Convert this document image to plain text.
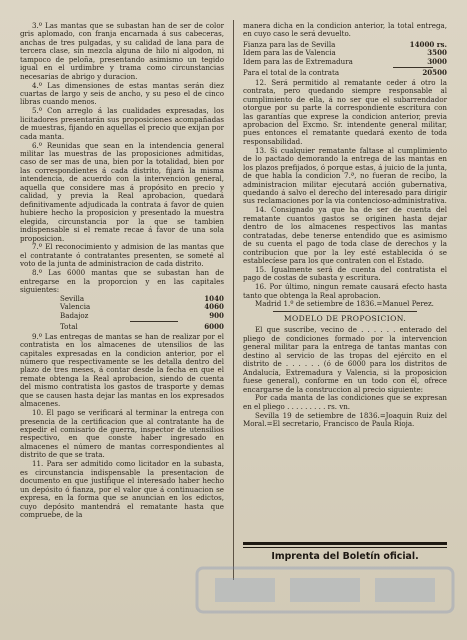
3.º Las mantas que se subastan han de ser de color gris aplomado, con franja encarnada á sus cabeceras, anchas de tres pulgadas, y su calidad de lana para de tercera clase, sin mezcla alguna de hilo ni algodon, ni tampoco de peloña, presentando asimismo un tegido igual en el urdimbre y trama como circunstancias necesarias de abrigo y duracion.

4.º Las dimensiones de estas mantas serán diez cuartas de largo y seis de ancho, y su peso el de cinco libras cuando menos.

5.º Con arreglo á las cualidades expresadas, los licitadores presentarán sus proposiciones acompañadas de muestras, fijando en aquellas el precio que exijan por cada manta.

6.º Reunidas que sean en la intendencia general militar las muestras de las proposiciones admitidas, caso de ser mas de una, bien por la totalidad, bien por las correspondientes á cada distrito, fijará la misma intendencia, de acuerdo con la intervencion general, aquella que considere mas á propósito en precio y calidad, y previa la Real aprobacion, quedará definitivamente adjudicada la contrata á favor de quien hubiere hecho la proposicion y presentado la muestra elegida, circunstancia por la que se tambien indispensable si el remate recae á favor de una sola proposicion.

7.º El reconocimiento y admision de las mantas que el contratante ó contratantes presenten, se someté al voto de la junta de administracion de cada distrito.

8.º Las 6000 mantas que se subastan han de entregarse en la proporcion y en las capitales siguientes:

Sevilla	1040
Valencia	4060
Badajoz	900
Total	6000

9.º Las entregas de mantas se han de realizar por el contratista en los almacenes de utensilios de las capitales expresadas en la condicion anterior, por el número que respectivamente se les detalla dentro del plazo de tres meses, á contar desde la fecha en que el remate obtenga la Real aprobacion, siendo de cuenta del mismo contratista los gastos de trasporte y demas que se causen hasta dejar las mantas en los expresados almacenes.

10. El pago se verificará al terminar la entrega con presencia de la certificacion que al contratante ha de expedir el comisario de guerra, inspector de utensilios respectivo, en que conste haber ingresado en almacenes el número de mantas correspondientes al distrito de que se trata.

11. Para ser admitido como licitador en la subasta, es circunstancia indispensable la presentacion de documento en que justifique el interesado haber hecho un depósito ó fianza, por el valor que á continuacion se expresa, en la forma que se anuncian en los edictos, cuyo depósito mantendrá el rematante hasta que compruebe, de la

manera dicha en la condicion anterior, la total entrega, en cuyo caso le será devuelto.

Fianza para las de Sevilla	14000 rs.
Idem para las de Valencia	3500
Idem para las de Extremadura	3000
Para el total de la contrata	20500

12. Será permitido al rematante ceder á otro la contrata, pero quedando siempre responsable al cumplimiento de ella, á no ser que el subarrendador otorgue por su parte la correspondiente escritura con las garantías que exprese la condicion anterior, previa aprobacion del Excmo. Sr. intendente general militar, pues entonces el rematante quedará exento de toda responsabilidad.

13. Si cualquier rematante faltase al cumplimiento de lo pactado demorando la entrega de las mantas en los plazos prefijados, ó porque estas, á juicio de la junta, de que habla la condicion 7.ª, no fueran de recibo, la administracion militar ejecutará acción gubernativa, quedando á salvo el derecho del interesado para dirigir sus reclamaciones por la via contencioso-administrativa.

14. Consignado ya que ha de ser de cuenta del rematante cuantos gastos se originen hasta dejar dentro de los almacenes respectivos las mantas contratadas, debe tenerse entendido que es asimismo de su cuenta el pago de toda clase de derechos y la contribucion que por la ley esté establecida ó se establecíese para los que contraten con el Estado.

15. Igualmente será de cuenta del contratista el pago de costas de subasta y escritura.

16. Por último, ningun remate causará efecto hasta tanto que obtenga la Real aprobacion.

Madrid 1.º de setiembre de 1836.=Manuel Perez.

MODELO DE PROPOSICION.

El que suscribe, vecino de . . . . . . enterado del pliego de condiciones formado por la intervencion general militar para la entrega de tantas mantas con destino al servicio de las tropas del ejército en el distrito de . . . . . . (ó de 6000 para los distritos de Andalucía, Extremadura y Valencia, si la proposicion fuese general), conforme en un todo con él, ofrece encargarse de la construccion al precio siguiente:

Por cada manta de las condiciones que se expresan en el pliego . . . . . . . . . rs. vn.

Sevilla 19 de setiembre de 1836.=Joaquin Ruiz del Moral.=El secretario, Francisco de Paula Rioja.

Imprenta del Boletín oficial.
